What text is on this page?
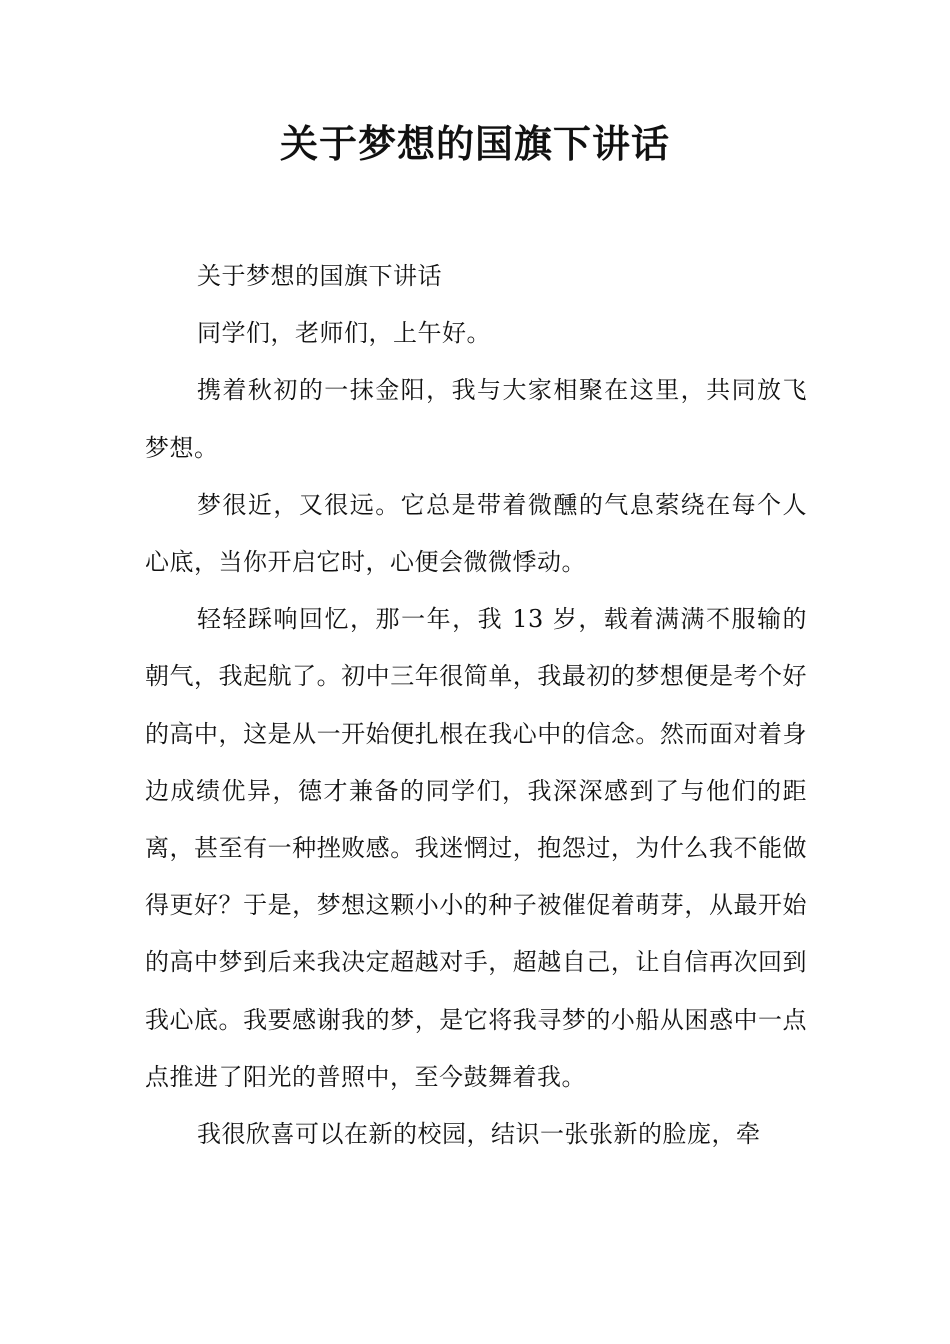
关于梦想的国旗下讲话

关于梦想的国旗下讲话

同学们，老师们，上午好。

携着秋初的一抹金阳，我与大家相聚在这里，共同放飞梦想。

梦很近，又很远。它总是带着微醺的气息萦绕在每个人心底，当你开启它时，心便会微微悸动。

轻轻踩响回忆，那一年，我 13 岁，载着满满不服输的朝气，我起航了。初中三年很简单，我最初的梦想便是考个好的高中，这是从一开始便扎根在我心中的信念。然而面对着身边成绩优异，德才兼备的同学们，我深深感到了与他们的距离，甚至有一种挫败感。我迷惘过，抱怨过，为什么我不能做得更好？于是，梦想这颗小小的种子被催促着萌芽，从最开始的高中梦到后来我决定超越对手，超越自己，让自信再次回到我心底。我要感谢我的梦，是它将我寻梦的小船从困惑中一点点推进了阳光的普照中，至今鼓舞着我。

我很欣喜可以在新的校园，结识一张张新的脸庞，牵
